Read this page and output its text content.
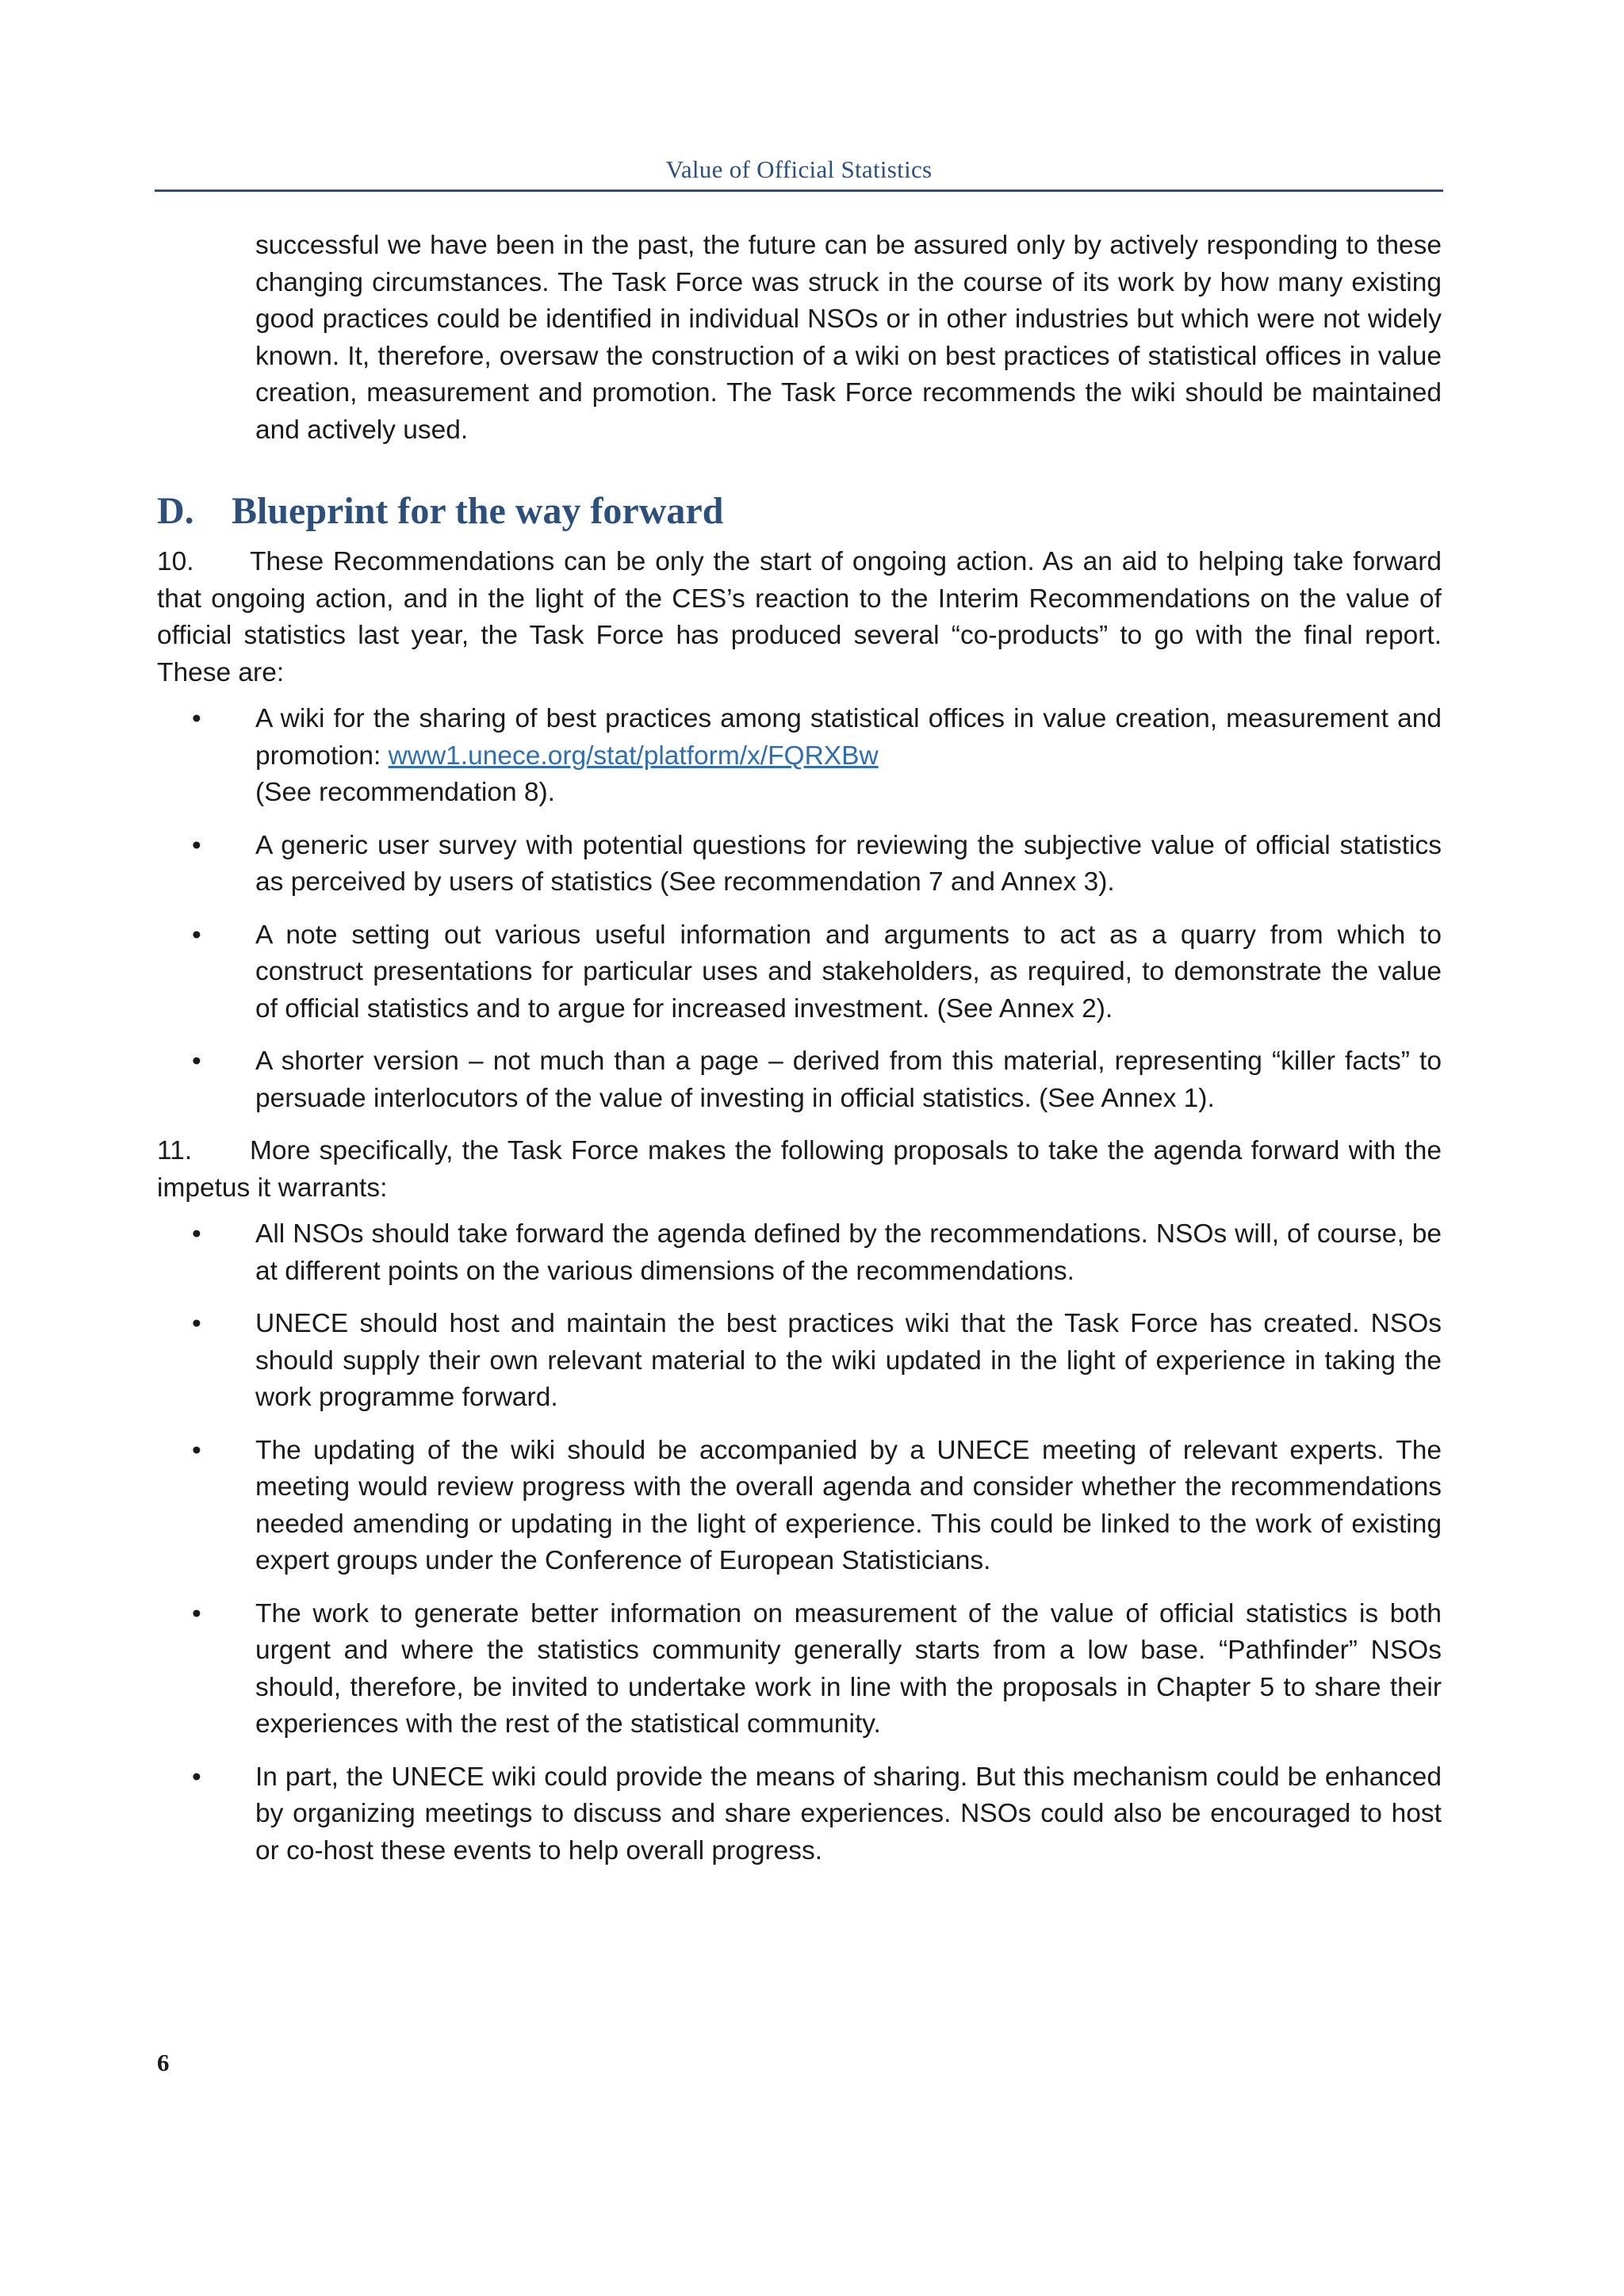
Value of Official Statistics

successful we have been in the past, the future can be assured only by actively responding to these changing circumstances. The Task Force was struck in the course of its work by how many existing good practices could be identified in individual NSOs or in other industries but which were not widely known. It, therefore, oversaw the construction of a wiki on best practices of statistical offices in value creation, measurement and promotion. The Task Force recommends the wiki should be maintained and actively used.

D. Blueprint for the way forward

10. These Recommendations can be only the start of ongoing action. As an aid to helping take forward that ongoing action, and in the light of the CES’s reaction to the Interim Recommendations on the value of official statistics last year, the Task Force has produced several “co-products” to go with the final report. These are:

• A wiki for the sharing of best practices among statistical offices in value creation, measurement and promotion: www1.unece.org/stat/platform/x/FQRXBw
(See recommendation 8).
• A generic user survey with potential questions for reviewing the subjective value of official statistics as perceived by users of statistics (See recommendation 7 and Annex 3).
• A note setting out various useful information and arguments to act as a quarry from which to construct presentations for particular uses and stakeholders, as required, to demonstrate the value of official statistics and to argue for increased investment. (See Annex 2).
• A shorter version – not much than a page – derived from this material, representing “killer facts” to persuade interlocutors of the value of investing in official statistics. (See Annex 1).

11. More specifically, the Task Force makes the following proposals to take the agenda forward with the impetus it warrants:

• All NSOs should take forward the agenda defined by the recommendations. NSOs will, of course, be at different points on the various dimensions of the recommendations.
• UNECE should host and maintain the best practices wiki that the Task Force has created. NSOs should supply their own relevant material to the wiki updated in the light of experience in taking the work programme forward.
• The updating of the wiki should be accompanied by a UNECE meeting of relevant experts. The meeting would review progress with the overall agenda and consider whether the recommendations needed amending or updating in the light of experience. This could be linked to the work of existing expert groups under the Conference of European Statisticians.
• The work to generate better information on measurement of the value of official statistics is both urgent and where the statistics community generally starts from a low base. “Pathfinder” NSOs should, therefore, be invited to undertake work in line with the proposals in Chapter 5 to share their experiences with the rest of the statistical community.
• In part, the UNECE wiki could provide the means of sharing. But this mechanism could be enhanced by organizing meetings to discuss and share experiences. NSOs could also be encouraged to host or co-host these events to help overall progress.
6
